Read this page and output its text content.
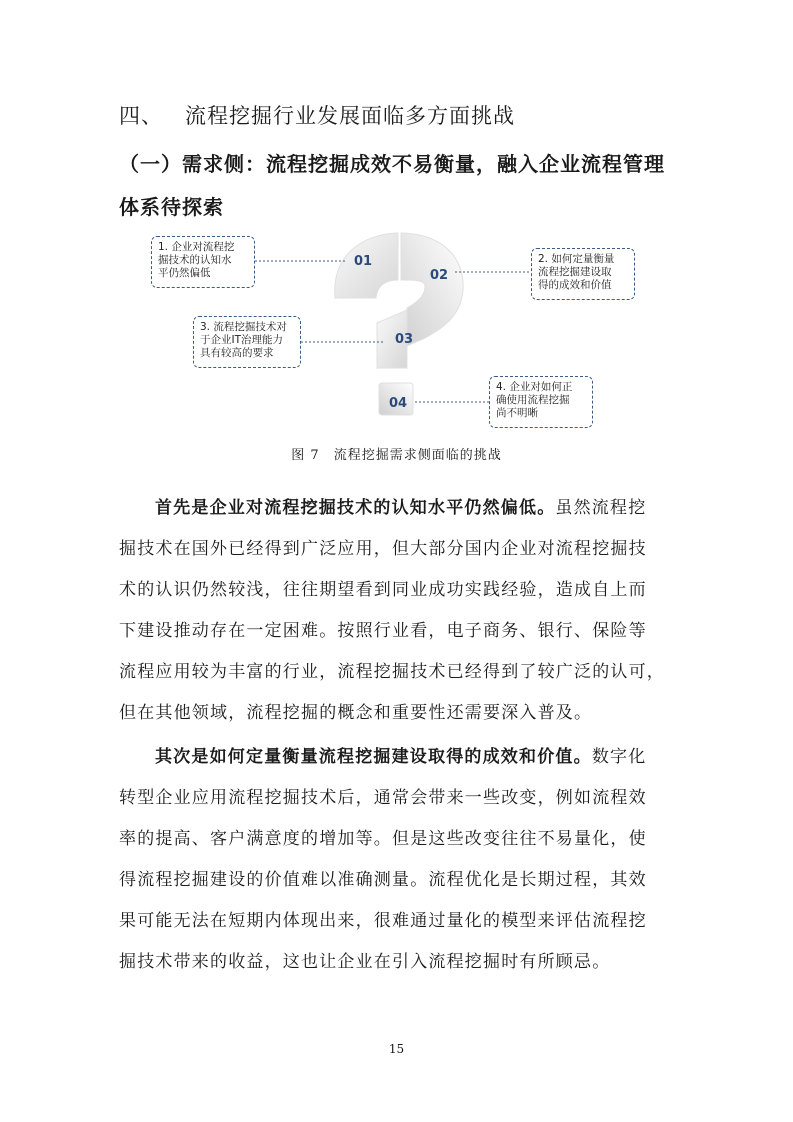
四、 流程挖掘行业发展面临多方面挑战
（一）需求侧：流程挖掘成效不易衡量，融入企业流程管理
体系待探索
1. 企业对流程挖
掘技术的认知水
平仍然偏低
2. 如何定量衡量
流程挖掘建设取
得的成效和价值
3. 流程挖掘技术对
于企业IT治理能力
具有较高的要求
4. 企业对如何正
确使用流程挖掘
尚不明晰
01
02
03
04
图 7 流程挖掘需求侧面临的挑战
首先是企业对流程挖掘技术的认知水平仍然偏低。虽然流程挖
掘技术在国外已经得到广泛应用，但大部分国内企业对流程挖掘技
术的认识仍然较浅，往往期望看到同业成功实践经验，造成自上而
下建设推动存在一定困难。按照行业看，电子商务、银行、保险等
流程应用较为丰富的行业，流程挖掘技术已经得到了较广泛的认可，
但在其他领域，流程挖掘的概念和重要性还需要深入普及。
其次是如何定量衡量流程挖掘建设取得的成效和价值。数字化
转型企业应用流程挖掘技术后，通常会带来一些改变，例如流程效
率的提高、客户满意度的增加等。但是这些改变往往不易量化，使
得流程挖掘建设的价值难以准确测量。流程优化是长期过程，其效
果可能无法在短期内体现出来，很难通过量化的模型来评估流程挖
掘技术带来的收益，这也让企业在引入流程挖掘时有所顾忌。
15
